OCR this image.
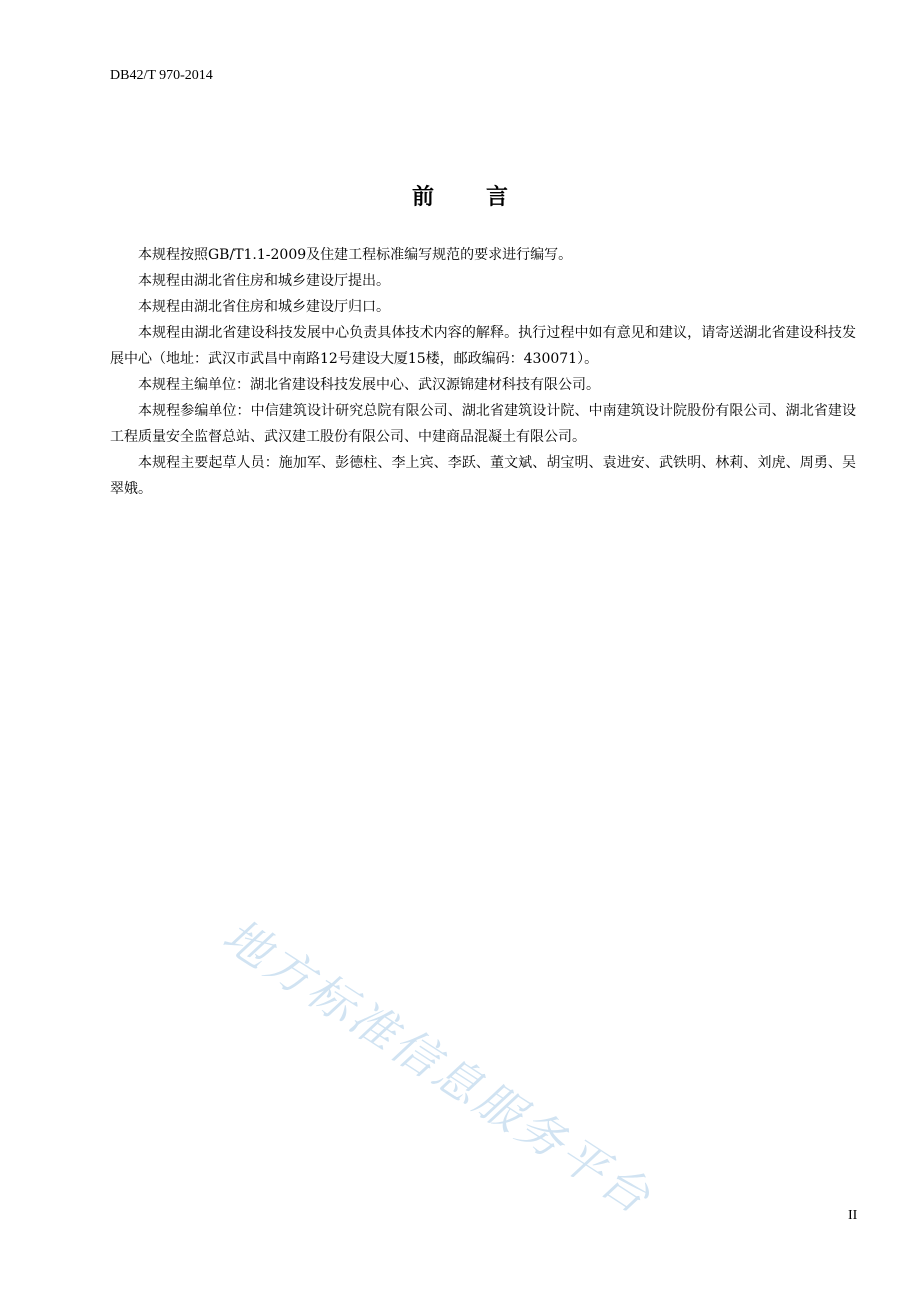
DB42/T 970-2014
前言

本规程按照GB/T1.1-2009及住建工程标准编写规范的要求进行编写。

本规程由湖北省住房和城乡建设厅提出。

本规程由湖北省住房和城乡建设厅归口。

本规程由湖北省建设科技发展中心负责具体技术内容的解释。执行过程中如有意见和建议，请寄送湖北省建设科技发展中心（地址：武汉市武昌中南路12号建设大厦15楼，邮政编码：430071）。

本规程主编单位：湖北省建设科技发展中心、武汉源锦建材科技有限公司。

本规程参编单位：中信建筑设计研究总院有限公司、湖北省建筑设计院、中南建筑设计院股份有限公司、湖北省建设工程质量安全监督总站、武汉建工股份有限公司、中建商品混凝土有限公司。

本规程主要起草人员：施加军、彭德柱、李上宾、李跃、董文斌、胡宝明、袁进安、武铁明、林莉、刘虎、周勇、吴翠娥。

地方标准信息服务平台	II
